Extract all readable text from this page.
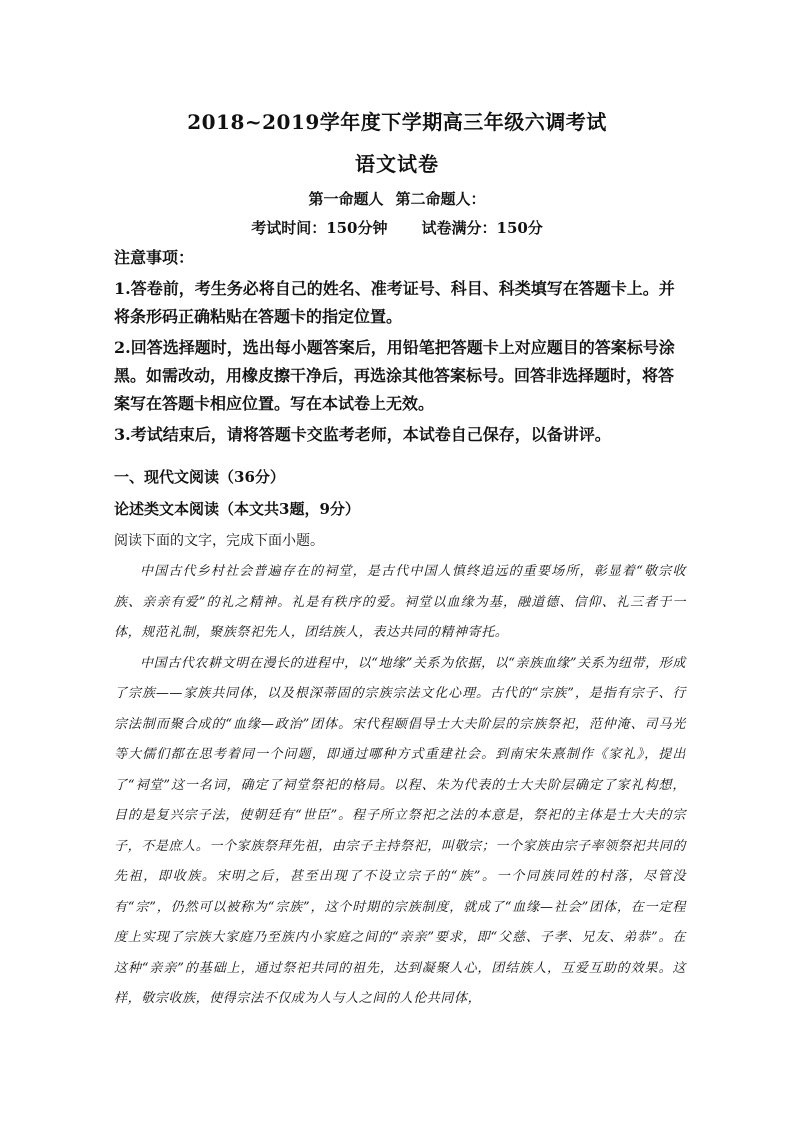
2018~2019学年度下学期高三年级六调考试
语文试卷
第一命题人 第二命题人：
考试时间：150分钟 试卷满分：150分

注意事项：

1.答卷前，考生务必将自己的姓名、准考证号、科目、科类填写在答题卡上。并将条形码正确粘贴在答题卡的指定位置。

2.回答选择题时，选出每小题答案后，用铅笔把答题卡上对应题目的答案标号涂黑。如需改动，用橡皮擦干净后，再选涂其他答案标号。回答非选择题时，将答案写在答题卡相应位置。写在本试卷上无效。

3.考试结束后，请将答题卡交监考老师，本试卷自己保存，以备讲评。

一、现代文阅读（36分）
论述类文本阅读（本文共3题，9分）
阅读下面的文字，完成下面小题。

中国古代乡村社会普遍存在的祠堂，是古代中国人慎终追远的重要场所，彰显着“敬宗收族、亲亲有爱”的礼之精神。礼是有秩序的爱。祠堂以血缘为基，融道德、信仰、礼三者于一体，规范礼制，聚族祭祀先人，团结族人，表达共同的精神寄托。

中国古代农耕文明在漫长的进程中，以“地缘”关系为依据，以“亲族血缘”关系为纽带，形成了宗族——家族共同体，以及根深蒂固的宗族宗法文化心理。古代的“宗族”，是指有宗子、行宗法制而聚合成的“血缘—政治”团体。宋代程颐倡导士大夫阶层的宗族祭祀，范仲淹、司马光等大儒们都在思考着同一个问题，即通过哪种方式重建社会。到南宋朱熹制作《家礼》，提出了“祠堂”这一名词，确定了祠堂祭祀的格局。以程、朱为代表的士大夫阶层确定了家礼构想，目的是复兴宗子法，使朝廷有“世臣”。程子所立祭祀之法的本意是，祭祀的主体是士大夫的宗子，不是庶人。一个家族祭拜先祖，由宗子主持祭祀，叫敬宗；一个家族由宗子率领祭祀共同的先祖，即收族。宋明之后，甚至出现了不设立宗子的“族”。一个同族同姓的村落，尽管没有“宗”，仍然可以被称为“宗族”，这个时期的宗族制度，就成了“血缘—社会”团体，在一定程度上实现了宗族大家庭乃至族内小家庭之间的“亲亲”要求，即“父慈、子孝、兄友、弟恭”。在这种“亲亲”的基础上，通过祭祀共同的祖先，达到凝聚人心，团结族人，互爱互助的效果。这样，敬宗收族，使得宗法不仅成为人与人之间的人伦共同体，
